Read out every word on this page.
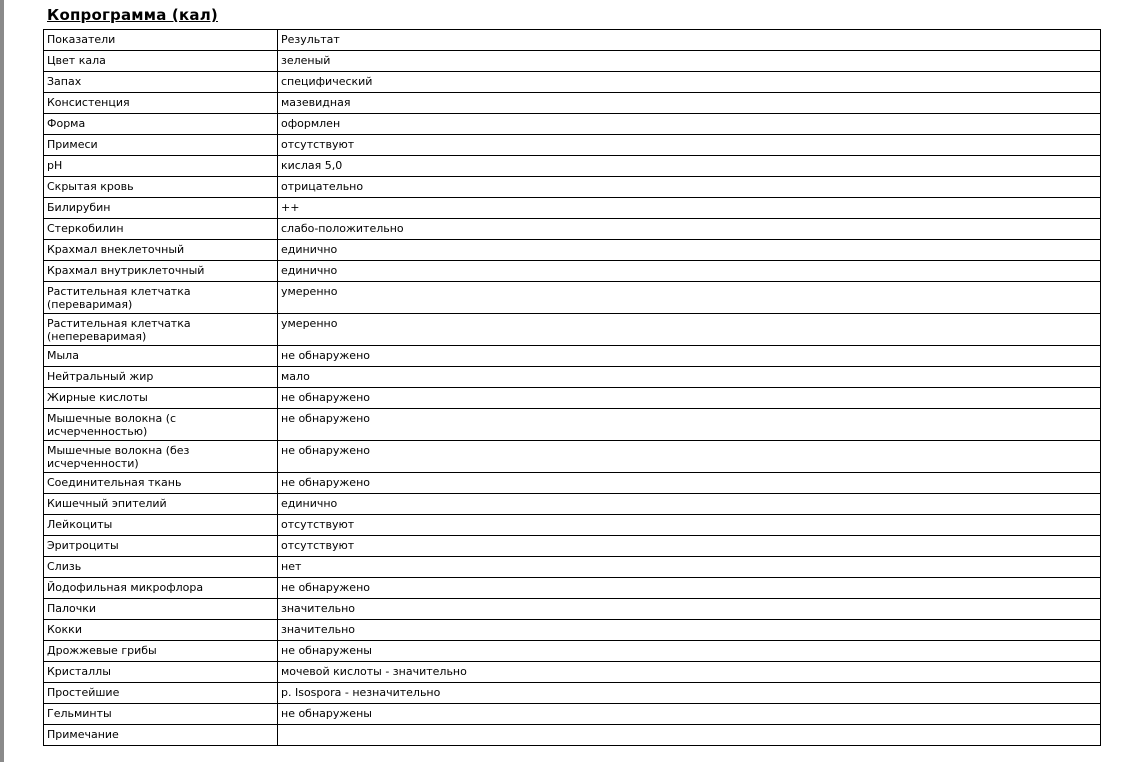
Копрограмма (кал)
Показатели	Результат
Цвет кала	зеленый
Запах	специфический
Консистенция	мазевидная
Форма	оформлен
Примеси	отсутствуют
pH	кислая 5,0
Скрытая кровь	отрицательно
Билирубин	++
Стеркобилин	слабо-положительно
Крахмал внеклеточный	единично
Крахмал внутриклеточный	единично
Растительная клетчатка (переваримая)	умеренно
Растительная клетчатка (непереваримая)	умеренно
Мыла	не обнаружено
Нейтральный жир	мало
Жирные кислоты	не обнаружено
Мышечные волокна (с исчерченностью)	не обнаружено
Мышечные волокна (без исчерченности)	не обнаружено
Соединительная ткань	не обнаружено
Кишечный эпителий	единично
Лейкоциты	отсутствуют
Эритроциты	отсутствуют
Слизь	нет
Йодофильная микрофлора	не обнаружено
Палочки	значительно
Кокки	значительно
Дрожжевые грибы	не обнаружены
Кристаллы	мочевой кислоты - значительно
Простейшие	p. Isospora - незначительно
Гельминты	не обнаружены
Примечание	
